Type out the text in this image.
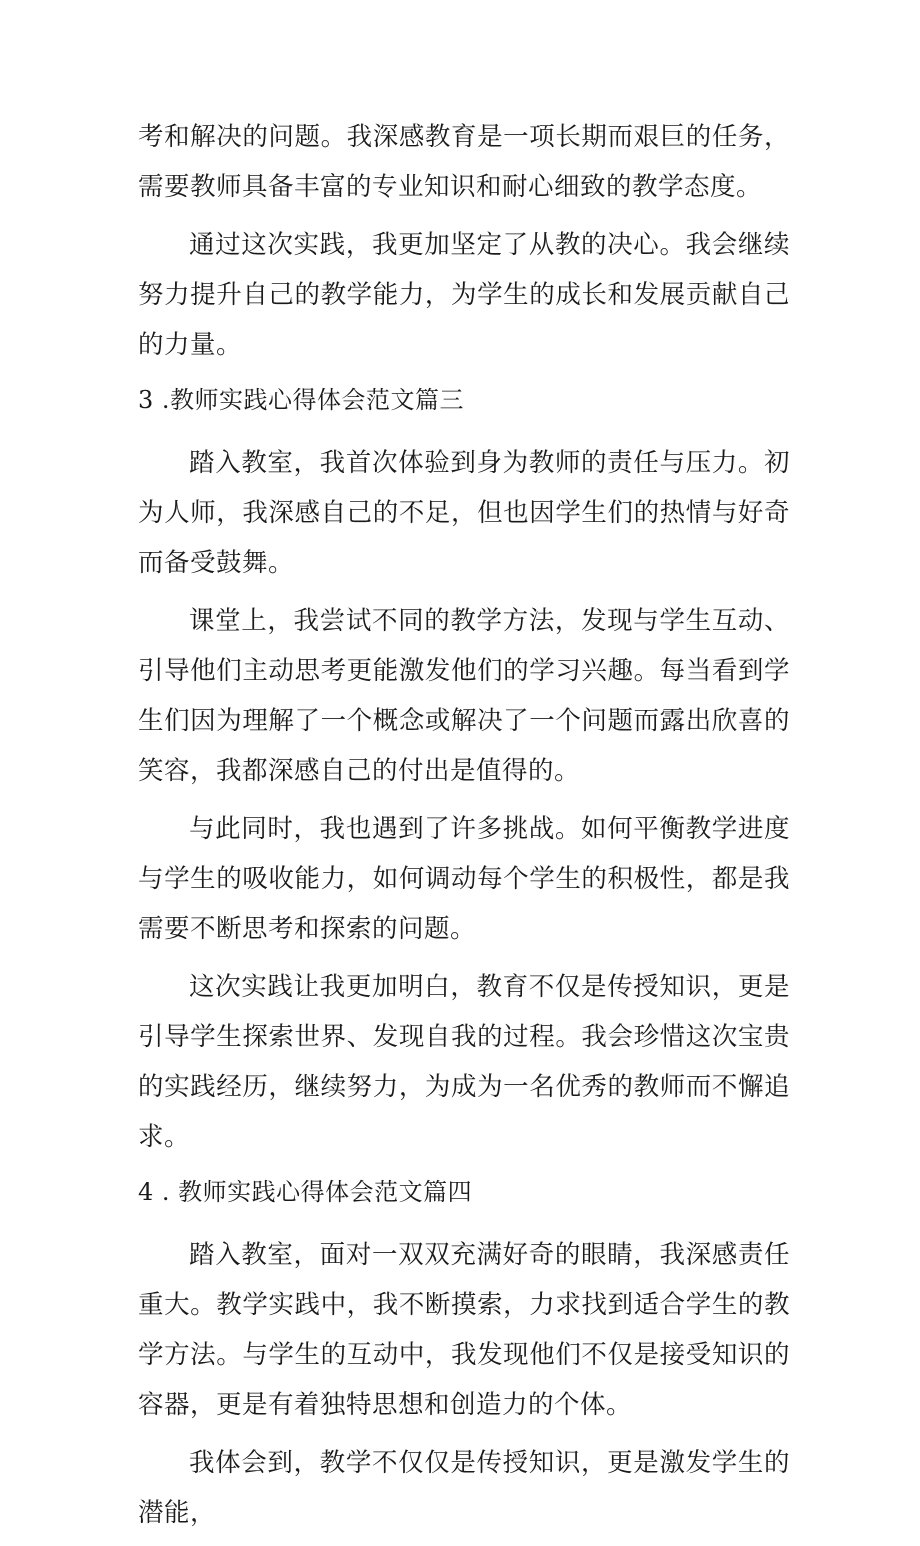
考和解决的问题。我深感教育是一项长期而艰巨的任务，需要教师具备丰富的专业知识和耐心细致的教学态度。

通过这次实践，我更加坚定了从教的决心。我会继续努力提升自己的教学能力，为学生的成长和发展贡献自己的力量。

3 .教师实践心得体会范文篇三

踏入教室，我首次体验到身为教师的责任与压力。初为人师，我深感自己的不足，但也因学生们的热情与好奇而备受鼓舞。

课堂上，我尝试不同的教学方法，发现与学生互动、引导他们主动思考更能激发他们的学习兴趣。每当看到学生们因为理解了一个概念或解决了一个问题而露出欣喜的笑容，我都深感自己的付出是值得的。

与此同时，我也遇到了许多挑战。如何平衡教学进度与学生的吸收能力，如何调动每个学生的积极性，都是我需要不断思考和探索的问题。

这次实践让我更加明白，教育不仅是传授知识，更是引导学生探索世界、发现自我的过程。我会珍惜这次宝贵的实践经历，继续努力，为成为一名优秀的教师而不懈追求。

4 . 教师实践心得体会范文篇四

踏入教室，面对一双双充满好奇的眼睛，我深感责任重大。教学实践中，我不断摸索，力求找到适合学生的教学方法。与学生的互动中，我发现他们不仅是接受知识的容器，更是有着独特思想和创造力的个体。

我体会到，教学不仅仅是传授知识，更是激发学生的潜能，
